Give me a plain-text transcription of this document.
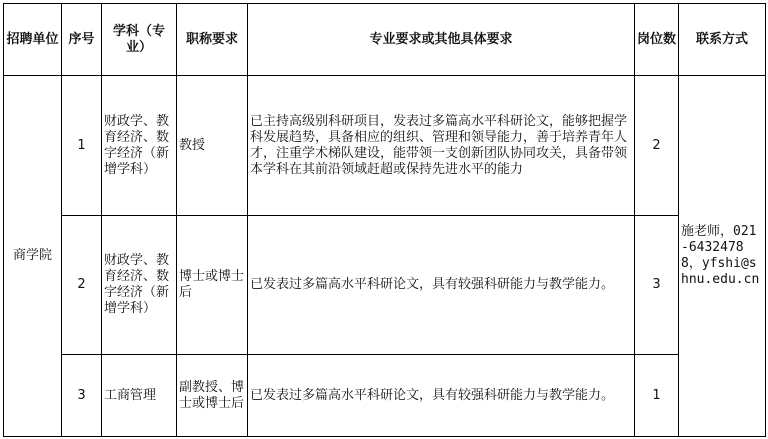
招聘单位	序号	学科（专业）	职称要求	专业要求或其他具体要求	岗位数	联系方式
商学院	1	财政学、教育经济、数字经济（新增学科）	教授	已主持高级别科研项目，发表过多篇高水平科研论文，能够把握学科发展趋势，具备相应的组织、管理和领导能力，善于培养青年人才，注重学术梯队建设，能带领一支创新团队协同攻关，具备带领本学科在其前沿领域赶超或保持先进水平的能力	2	施老师，021-64324788，yfshi@shnu.edu.cn
	2	财政学、教育经济、数字经济（新增学科）	博士或博士后	已发表过多篇高水平科研论文，具有较强科研能力与教学能力。	3	
	3	工商管理	副教授、博士或博士后	已发表过多篇高水平科研论文，具有较强科研能力与教学能力。	1	
